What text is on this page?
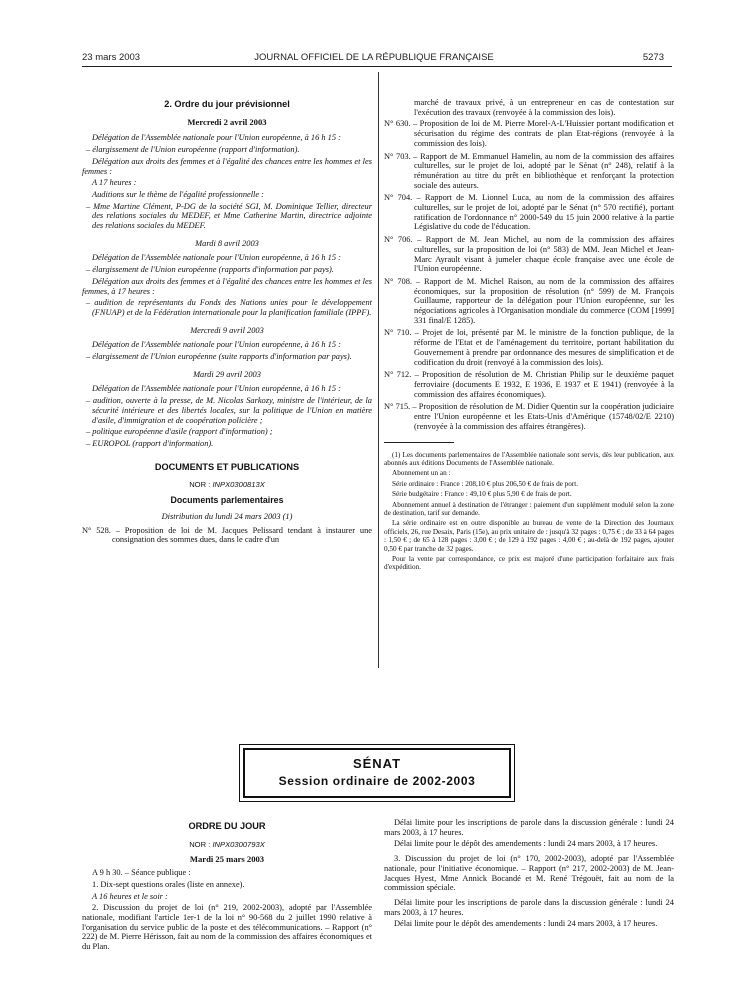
23 mars 2003	JOURNAL OFFICIEL DE LA RÉPUBLIQUE FRANÇAISE	5273
2. Ordre du jour prévisionnel
Mercredi 2 avril 2003

Délégation de l'Assemblée nationale pour l'Union européenne, à 16 h 15 :

– élargissement de l'Union européenne (rapport d'information).

Délégation aux droits des femmes et à l'égalité des chances entre les hommes et les femmes :

A 17 heures :

Auditions sur le thème de l'égalité professionnelle :

– Mme Martine Clément, P-DG de la société SGI, M. Dominique Tellier, directeur des relations sociales du MEDEF, et Mme Catherine Martin, directrice adjointe des relations sociales du MEDEF.

Mardi 8 avril 2003

Délégation de l'Assemblée nationale pour l'Union européenne, à 16 h 15 :

– élargissement de l'Union européenne (rapports d'information par pays).

Délégation aux droits des femmes et à l'égalité des chances entre les hommes et les femmes, à 17 heures :

– audition de représentants du Fonds des Nations unies pour le développement (FNUAP) et de la Fédération internationale pour la planification familiale (IPPF).

Mercredi 9 avril 2003

Délégation de l'Assemblée nationale pour l'Union européenne, à 16 h 15 :

– élargissement de l'Union européenne (suite rapports d'information par pays).

Mardi 29 avril 2003

Délégation de l'Assemblée nationale pour l'Union européenne, à 16 h 15 :

– audition, ouverte à la presse, de M. Nicolas Sarkozy, ministre de l'intérieur, de la sécurité intérieure et des libertés locales, sur la politique de l'Union en matière d'asile, d'immigration et de coopération policière ;

– politique européenne d'asile (rapport d'information) ;

– EUROPOL (rapport d'information).

DOCUMENTS ET PUBLICATIONS
NOR : INPX0300813X
Documents parlementaires
Distribution du lundi 24 mars 2003 (1)

N° 528. – Proposition de loi de M. Jacques Pelissard tendant à instaurer une consignation des sommes dues, dans le cadre d'un

marché de travaux privé, à un entrepreneur en cas de contestation sur l'exécution des travaux (renvoyée à la commission des lois).

N° 630. – Proposition de loi de M. Pierre Morel-A-L'Huissier portant modification et sécurisation du régime des contrats de plan Etat-régions (renvoyée à la commission des lois).

N° 703. – Rapport de M. Emmanuel Hamelin, au nom de la commission des affaires culturelles, sur le projet de loi, adopté par le Sénat (n° 248), relatif à la rémunération au titre du prêt en bibliothèque et renforçant la protection sociale des auteurs.

N° 704. – Rapport de M. Lionnel Luca, au nom de la commission des affaires culturelles, sur le projet de loi, adopté par le Sénat (n° 570 rectifié), portant ratification de l'ordonnance n° 2000-549 du 15 juin 2000 relative à la partie Législative du code de l'éducation.

N° 706. – Rapport de M. Jean Michel, au nom de la commission des affaires culturelles, sur la proposition de loi (n° 583) de MM. Jean Michel et Jean-Marc Ayrault visant à jumeler chaque école française avec une école de l'Union européenne.

N° 708. – Rapport de M. Michel Raison, au nom de la commission des affaires économiques, sur la proposition de résolution (n° 599) de M. François Guillaume, rapporteur de la délégation pour l'Union européenne, sur les négociations agricoles à l'Organisation mondiale du commerce (COM [1999] 331 final/E 1285).

N° 710. – Projet de loi, présenté par M. le ministre de la fonction publique, de la réforme de l'Etat et de l'aménagement du territoire, portant habilitation du Gouvernement à prendre par ordonnance des mesures de simplification et de codification du droit (renvoyé à la commission des lois).

N° 712. – Proposition de résolution de M. Christian Philip sur le deuxième paquet ferroviaire (documents E 1932, E 1936, E 1937 et E 1941) (renvoyée à la commission des affaires économiques).

N° 715. – Proposition de résolution de M. Didier Quentin sur la coopération judiciaire entre l'Union européenne et les Etats-Unis d'Amérique (15748/02/E 2210) (renvoyée à la commission des affaires étrangères).

(1) Les documents parlementaires de l'Assemblée nationale sont servis, dès leur publication, aux abonnés aux éditions Documents de l'Assemblée nationale.

Abonnement un an :

Série ordinaire : France : 208,10 € plus 206,50 € de frais de port.

Série budgétaire : France : 49,10 € plus 5,90 € de frais de port.

Abonnement annuel à destination de l'étranger : paiement d'un supplément modulé selon la zone de destination, tarif sur demande.

La série ordinaire est en outre disponible au bureau de vente de la Direction des Journaux officiels, 26, rue Desaix, Paris (15e), au prix unitaire de : jusqu'à 32 pages : 0,75 € ; de 33 à 64 pages : 1,50 € ; de 65 à 128 pages : 3,00 € ; de 129 à 192 pages : 4,00 € ; au-delà de 192 pages, ajouter 0,50 € par tranche de 32 pages.

Pour la vente par correspondance, ce prix est majoré d'une participation forfaitaire aux frais d'expédition.

SÉNAT
Session ordinaire de 2002-2003
ORDRE DU JOUR
NOR : INPX0300793X
Mardi 25 mars 2003

A 9 h 30. – Séance publique :

1. Dix-sept questions orales (liste en annexe).

A 16 heures et le soir :

2. Discussion du projet de loi (n° 219, 2002-2003), adopté par l'Assemblée nationale, modifiant l'article 1er-1 de la loi n° 90-568 du 2 juillet 1990 relative à l'organisation du service public de la poste et des télécommunications. – Rapport (n° 222) de M. Pierre Hérisson, fait au nom de la commission des affaires économiques et du Plan.

Délai limite pour les inscriptions de parole dans la discussion générale : lundi 24 mars 2003, à 17 heures.

Délai limite pour le dépôt des amendements : lundi 24 mars 2003, à 17 heures.

3. Discussion du projet de loi (n° 170, 2002-2003), adopté par l'Assemblée nationale, pour l'initiative économique. – Rapport (n° 217, 2002-2003) de M. Jean-Jacques Hyest, Mme Annick Bocandé et M. René Trégouët, fait au nom de la commission spéciale.

Délai limite pour les inscriptions de parole dans la discussion générale : lundi 24 mars 2003, à 17 heures.

Délai limite pour le dépôt des amendements : lundi 24 mars 2003, à 17 heures.
